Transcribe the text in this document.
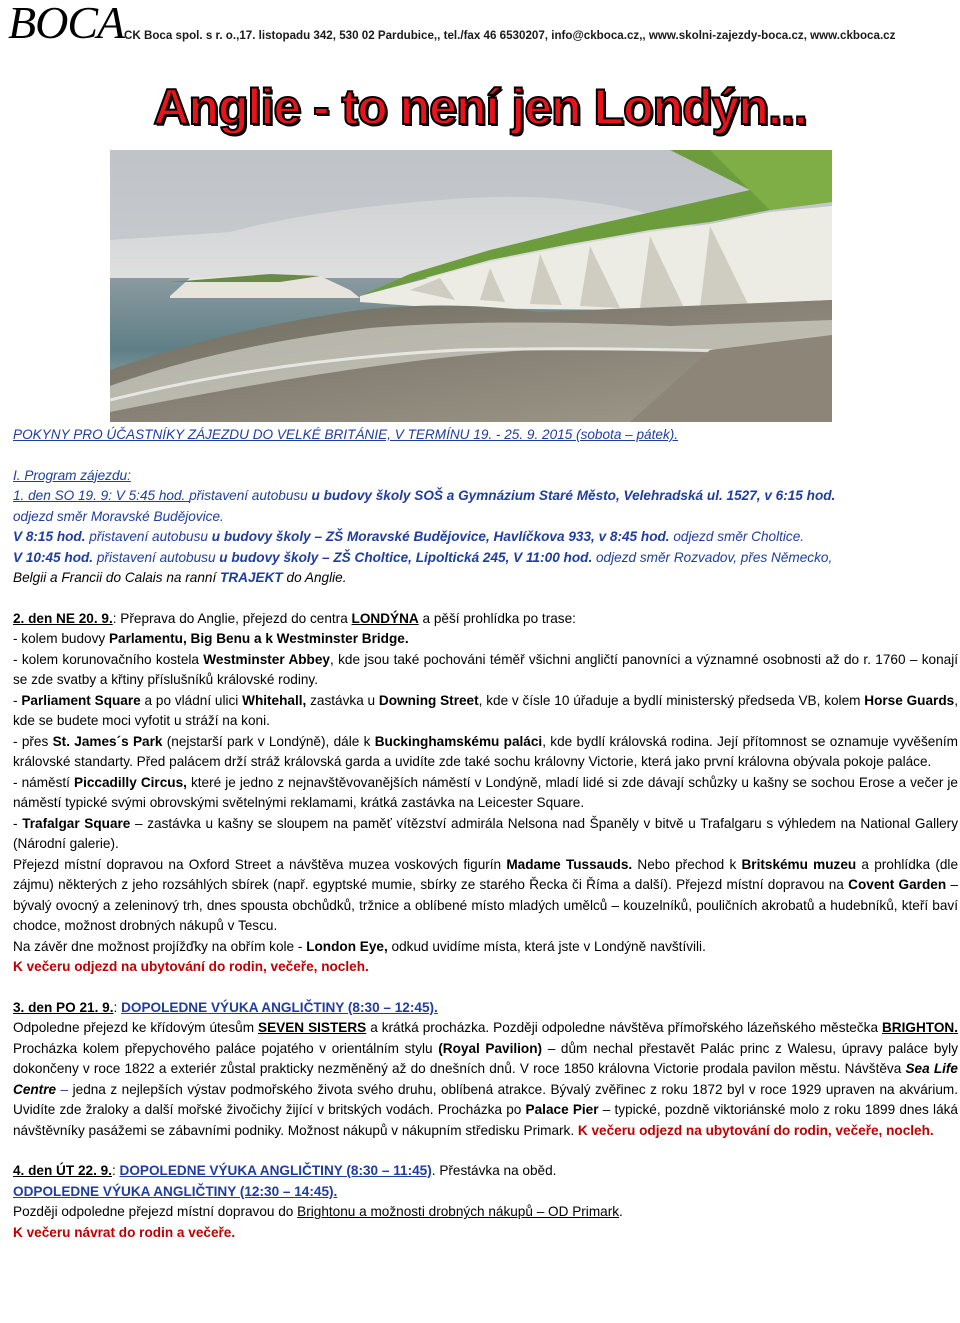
BOCA CK Boca spol. s r. o.,17. listopadu 342, 530 02 Pardubice,, tel./fax 46 6530207, info@ckboca.cz,, www.skolni-zajezdy-boca.cz, www.ckboca.cz
Anglie - to není jen Londýn...

POKYNY PRO ÚČASTNÍKY ZÁJEZDU DO VELKÉ BRITÁNIE, V TERMÍNU 19. - 25. 9. 2015 (sobota – pátek).

I. Program zájezdu:

1. den SO 19. 9: V 5:45 hod. přistavení autobusu u budovy školy SOŠ a Gymnázium Staré Město, Velehradská ul. 1527, v 6:15 hod.

odjezd směr Moravské Budějovice.

V 8:15 hod. přistavení autobusu u budovy školy – ZŠ Moravské Budějovice, Havlíčkova 933, v 8:45 hod. odjezd směr Choltice.

V 10:45 hod. přistavení autobusu u budovy školy – ZŠ Choltice, Lipoltická 245, V 11:00 hod. odjezd směr Rozvadov, přes Německo,

Belgii a Francii do Calais na ranní TRAJEKT do Anglie.

2. den NE 20. 9.: Přeprava do Anglie, přejezd do centra LONDÝNA a pěší prohlídka po trase:

- kolem budovy Parlamentu, Big Benu a k Westminster Bridge.

- kolem korunovačního kostela Westminster Abbey, kde jsou také pochováni téměř všichni angličtí panovníci a významné osobnosti až do r. 1760 – konají se zde svatby a křtiny příslušníků královské rodiny.

- Parliament Square a po vládní ulici Whitehall, zastávka u Downing Street, kde v čísle 10 úřaduje a bydlí ministerský předseda VB, kolem Horse Guards, kde se budete moci vyfotit u stráží na koni.

- přes St. James´s Park (nejstarší park v Londýně), dále k Buckinghamskému paláci, kde bydlí královská rodina. Její přítomnost se oznamuje vyvěšením královské standarty. Před palácem drží stráž královská garda a uvidíte zde také sochu královny Victorie, která jako první královna obývala pokoje paláce.

- náměstí Piccadilly Circus, které je jedno z nejnavštěvovanějších náměstí v Londýně, mladí lidé si zde dávají schůzky u kašny se sochou Erose a večer je náměstí typické svými obrovskými světelnými reklamami, krátká zastávka na Leicester Square.

- Trafalgar Square – zastávka u kašny se sloupem na paměť vítězství admirála Nelsona nad Španěly v bitvě u Trafalgaru s výhledem na National Gallery (Národní galerie).

Přejezd místní dopravou na Oxford Street a návštěva muzea voskových figurín Madame Tussauds. Nebo přechod k Britskému muzeu a prohlídka (dle zájmu) některých z jeho rozsáhlých sbírek (např. egyptské mumie, sbírky ze starého Řecka či Říma a další). Přejezd místní dopravou na Covent Garden – bývalý ovocný a zeleninový trh, dnes spousta obchůdků, tržnice a oblíbené místo mladých umělců – kouzelníků, pouličních akrobatů a hudebníků, kteří baví chodce, možnost drobných nákupů v Tescu.

Na závěr dne možnost projížďky na obřím kole - London Eye, odkud uvidíme místa, která jste v Londýně navštívili.

K večeru odjezd na ubytování do rodin, večeře, nocleh.

3. den PO 21. 9.: DOPOLEDNE VÝUKA ANGLIČTINY (8:30 – 12:45).

Odpoledne přejezd ke křídovým útesům SEVEN SISTERS a krátká procházka. Později odpoledne návštěva přímořského lázeňského městečka BRIGHTON. Procházka kolem přepychového paláce pojatého v orientálním stylu (Royal Pavilion) – dům nechal přestavět Palác princ z Walesu, úpravy paláce byly dokončeny v roce 1822 a exteriér zůstal prakticky nezměněný až do dnešních dnů. V roce 1850 královna Victorie prodala pavilon městu. Návštěva Sea Life Centre – jedna z nejlepších výstav podmořského života svého druhu, oblíbená atrakce. Bývalý zvěřinec z roku 1872 byl v roce 1929 upraven na akvárium. Uvidíte zde žraloky a další mořské živočichy žijící v britských vodách. Procházka po Palace Pier – typické, pozdně viktoriánské molo z roku 1899 dnes láká návštěvníky pasážemi se zábavními podniky. Možnost nákupů v nákupním středisku Primark. K večeru odjezd na ubytování do rodin, večeře, nocleh.

4. den ÚT 22. 9.: DOPOLEDNE VÝUKA ANGLIČTINY (8:30 – 11:45). Přestávka na oběd.

ODPOLEDNE VÝUKA ANGLIČTINY (12:30 – 14:45).

Později odpoledne přejezd místní dopravou do Brightonu a možnosti drobných nákupů – OD Primark.

K večeru návrat do rodin a večeře.
